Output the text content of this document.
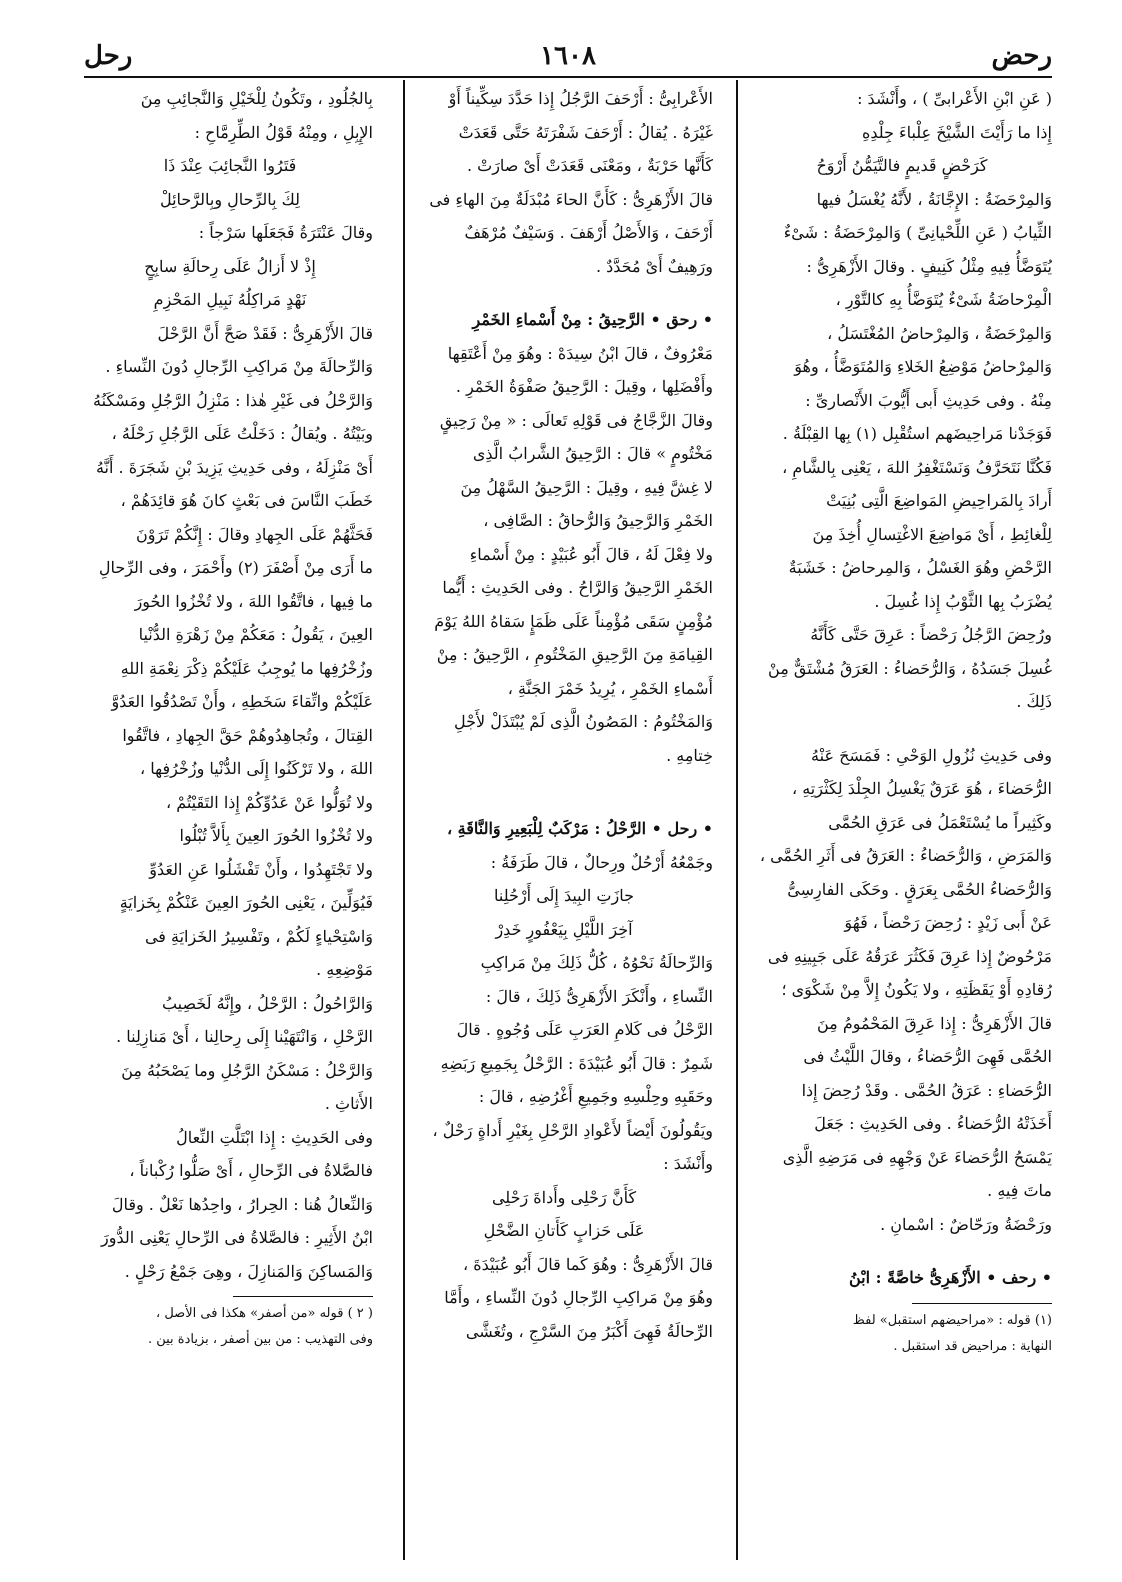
رحض
١٦٠٨
رحل

( عَنِ ابْنِ الأَعْرابىِّ ) ، وأَنْشَدَ :

إِذا ما رَأَيْتَ الشَّيْخَ عِلْباءَ جِلْدِهِ

كَرَحْضٍ قَديمٍ فالتَّيَمُّنُ أَرْوَحُ

وَالمِرْحَضَةُ : الإِجَّانَةُ ، لأَنَّهُ يُغْسَلُ فيها

الثِّيابُ ( عَنِ اللِّحْيانِىِّ ) وَالمِرْحَضَةُ : شَىْءٌ

يُتَوَضَّأُ فِيهِ مِثْلُ كَنِيفٍ . وقالَ الأَزْهَرِىُّ :

الْمِرْحاضَةُ شَىْءٌ يُتَوَضَّأُ بِهِ كالتَّوْرِ ،

وَالمِرْحَضَةُ ، وَالمِرْحاضُ المُغْتَسَلُ ،

وَالمِرْحاضُ مَوْضِعُ الخَلاءِ وَالمُتَوَضَّأُ ، وهُوَ

مِنْهُ . وفى حَدِيثِ أَبى أَيُّوبَ الأَنْصارىِّ :

فَوَجَدْنا مَراحِيضَهم استُقْبِل (١) بِها القِبْلَةُ .

فَكُنَّا نَتَحَرَّفُ وَنَسْتَغْفِرُ اللهَ ، يَعْنِى بِالشَّامِ ،

أَرادَ بِالمَراحِيضِ المَواضِعَ الَّتِى بُنِيَتْ

لِلْغائِطِ ، أَىْ مَواضِعَ الاغْتِسالِ أُخِذَ مِنَ

الرَّحْضِ وهُوَ الغَسْلُ ، وَالمِرحاضُ : خَشَبَةٌ

يُضْرَبُ بِها الثَّوْبُ إِذا غُسِلَ .

ورُحِضَ الرَّجُلُ رَحْضاً : عَرِقَ حَتَّى كَأَنَّهُ

غُسِلَ جَسَدُهُ ، وَالرُّحَضاءُ : العَرَقُ مُشْتَقٌّ مِنْ

ذَلِكَ .

وفى حَدِيثِ نُزُولِ الوَحْىِ : فَمَسَحَ عَنْهُ

الرُّحَضاءَ ، هُوَ عَرَقٌ يَغْسِلُ الجِلْدَ لِكَثْرَتِهِ ،

وكَثِيراً ما يُسْتَعْمَلُ فى عَرَقِ الحُمَّى

وَالمَرَضِ ، وَالرُّحَضاءُ : العَرَقُ فى أَثَرِ الحُمَّى ،

وَالرُّحَضاءُ الحُمَّى بِعَرَقٍ . وحَكَى الفارِسِىُّ

عَنْ أَبى زَيْدٍ : رُحِضَ رَحْضاً ، فَهُوَ

مَرْحُوضٌ إِذا عَرِقَ فَكَثُرَ عَرَقُهُ عَلَى جَبِينِهِ فى

رُقادِهِ أَوْ يَقَظَتِهِ ، ولا يَكُونُ إِلاَّ مِنْ شَكْوَى ؛

قالَ الأَزْهَرِىُّ : إِذا عَرِقَ المَحْمُومُ مِنَ

الحُمَّى فَهِىَ الرُّحَضاءُ ، وقالَ اللَّيْثُ فى

الرُّحَضاءِ : عَرَقُ الحُمَّى . وقَدْ رُحِضَ إِذا

أَخَذَتْهُ الرُّحَضاءُ . وفى الحَدِيثِ : جَعَلَ

يَمْسَحُ الرُّحَضاءَ عَنْ وَجْهِهِ فى مَرَضِهِ الَّذِى

ماتَ فِيهِ .

ورَحْضَةُ ورَحّاضٌ : اسْمانِ .

• رحف • الأَزْهَرِىُّ خاصَّةً : ابْنُ

(١) قوله : «مراحيضهم استقبل» لفظ

النهاية : مراحيض قد استقبل .

الأَعْرابِىُّ : أَرْحَفَ الرَّجُلُ إِذا حَدَّدَ سِكِّيناً أَوْ

غَيْرَهُ . يُقالُ : أَرْحَفَ شَفْرَتَهُ حَتَّى قَعَدَتْ

كَأَنَّها حَرْبَةٌ ، ومَعْنَى قَعَدَتْ أَىْ صارَتْ .

قالَ الأَزْهَرِىُّ : كَأَنَّ الحاءَ مُبْدَلَةٌ مِنَ الهاءِ فى

أَرْحَفَ ، وَالأَصْلُ أَرْهَفَ . وَسَيْفٌ مُرْهَفٌ

ورَهِيفٌ أَىْ مُحَدَّدٌ .

• رحق • الرَّحِيقُ : مِنْ أَسْماءِ الخَمْرِ

مَعْرُوفٌ ، قالَ ابْنُ سِيدَهْ : وهُوَ مِنْ أَعْتَقِها

وأَفْضَلِها ، وقِيلَ : الرَّحِيقُ صَفْوَةُ الخَمْرِ .

وقالَ الزَّجَّاجُ فى قَوْلِهِ تَعالَى : « مِنْ رَحِيقٍ

مَخْتُومٍ » قالَ : الرَّحِيقُ الشَّرابُ الَّذِى

لا غِشَّ فِيهِ ، وقِيلَ : الرَّحِيقُ السَّهْلُ مِنَ

الخَمْرِ وَالرَّحِيقُ وَالرُّحاقُ : الصَّافِى ،

ولا فِعْلَ لَهُ ، قالَ أَبُو عُبَيْدٍ : مِنْ أَسْماءِ

الخَمْرِ الرَّحِيقُ وَالرَّاحُ . وفى الحَدِيثِ : أَيُّما

مُؤْمِنٍ سَقَى مُؤْمِناً عَلَى ظَمَإٍ سَقاهُ اللهُ يَوْمَ

القِيامَةِ مِنَ الرَّحِيقِ المَخْتُومِ ، الرَّحِيقُ : مِنْ

أَسْماءِ الخَمْرِ ، يُرِيدُ خَمْرَ الجَنَّةِ ،

وَالمَخْتُومُ : المَصُونُ الَّذِى لَمْ يُبْتَذَلْ لأَجْلِ

خِتامِهِ .

• رحل • الرَّحْلُ : مَرْكَبٌ لِلْبَعِيرِ وَالنَّاقَةِ ،

وجَمْعُهُ أَرْحُلٌ ورِحالٌ ، قالَ طَرَفَةُ :

جازَتِ البِيدَ إِلَى أَرْحُلِنا

آخِرَ اللَّيْلِ بِيَعْفُورٍ خَدِرْ

وَالرِّحالَةُ نَحْوُهُ ، كُلُّ ذَلِكَ مِنْ مَراكِبِ

النِّساءِ ، وأَنْكَرَ الأَزْهَرِىُّ ذَلِكَ ، قالَ :

الرَّحْلُ فى كَلامِ العَرَبِ عَلَى وُجُوهٍ . قالَ

شَمِرٌ : قالَ أَبُو عُبَيْدَةَ : الرَّحْلُ بِجَمِيعِ رَبَضِهِ

وحَقَبِهِ وحِلْسِهِ وجَمِيعِ أَغْرُضِهِ ، قالَ :

ويَقُولُونَ أَيْضاً لأَعْوادِ الرَّحْلِ بِغَيْرِ أَداةٍ رَحْلٌ ،

وأَنْشَدَ :

كَأَنَّ رَحْلِى وأَداةَ رَحْلِى

عَلَى حَزابٍ كَأَتانِ الضَّحْلِ

قالَ الأَزْهَرِىُّ : وهُوَ كَما قالَ أَبُو عُبَيْدَةَ ،

وهُوَ مِنْ مَراكِبِ الرِّجالِ دُونَ النِّساءِ ، وأَمَّا

الرِّحالَةُ فَهِىَ أَكْبَرُ مِنَ السَّرْجِ ، وتُغَشَّى

بِالجُلُودِ ، وتَكُونُ لِلْخَيْلِ وَالنَّجائِبِ مِنَ

الإِبِلِ ، ومِنْهُ قَوْلُ الطِّرِمَّاحِ :

فَتَرُوا النَّجائِبَ عِنْدَ ذَا

لِكَ بِالرِّحالِ وبِالرَّحائِلْ

وقالَ عَنْتَرَةُ فَجَعَلَها سَرْجاً :

إِذْ لا أَزالُ عَلَى رِحالَةِ سابِحٍ

نَهْدٍ مَراكِلُهُ نَبِيلِ المَحْزِمِ

قالَ الأَزْهَرِىُّ : فَقَدْ صَحَّ أَنَّ الرَّحْلَ

وَالرِّحالَةَ مِنْ مَراكِبِ الرِّجالِ دُونَ النِّساءِ .

وَالرَّحْلُ فى غَيْرِ هٰذا : مَنْزِلُ الرَّجُلِ ومَسْكَنُهُ

وبَيْتُهُ . ويُقالُ : دَخَلْتُ عَلَى الرَّجُلِ رَحْلَهُ ،

أَىْ مَنْزِلَهُ ، وفى حَدِيثِ يَزِيدَ بْنِ شَجَرَةَ . أَنَّهُ

خَطَبَ النَّاسَ فى بَعْثٍ كانَ هُوَ قائِدَهُمْ ،

فَحَثَّهُمْ عَلَى الجِهادِ وقالَ : إِنَّكُمْ تَرَوْنَ

ما أَرَى مِنْ أَصْفَرَ (٢) وأَحْمَرَ ، وفى الرِّحالِ

ما فِيها ، فاتَّقُوا اللهَ ، ولا تُخْزُوا الحُورَ

العِينَ ، يَقُولُ : مَعَكُمْ مِنْ زَهْرَةِ الدُّنْيا

وزُخْرُفِها ما يُوجِبُ عَلَيْكُمْ ذِكْرَ نِعْمَةِ اللهِ

عَلَيْكُمْ واتِّقاءَ سَخَطِهِ ، وأَنْ تَصْدُقُوا العَدُوَّ

القِتالَ ، وتُجاهِدُوهُمْ حَقَّ الجِهادِ ، فاتَّقُوا

اللهَ ، ولا تَرْكَنُوا إِلَى الدُّنْيا وزُخْرُفِها ،

ولا تُوَلُّوا عَنْ عَدُوِّكُمْ إِذا التَقَيْتُمْ ،

ولا تُخْزُوا الحُورَ العِينَ بِأَلاَّ تُبْلُوا

ولا تَجْتَهِدُوا ، وأَنْ تَفْشَلُوا عَنِ العَدُوِّ

فَيُوَلِّينَ ، يَعْنِى الحُورَ العِينَ عَنْكُمْ بِخَزايَةٍ

وَاسْتِحْياءٍ لَكُمْ ، وتَفْسِيرُ الخَزايَةِ فى

مَوْضِعِهِ .

وَالرَّاحُولُ : الرَّحْلُ ، وإِنَّهُ لَخَصِيبُ

الرَّحْلِ ، وَانْتَهَيْنا إِلَى رِحالِنا ، أَىْ مَنازِلِنا .

وَالرَّحْلُ : مَسْكَنُ الرَّجُلِ وما يَصْحَبُهُ مِنَ

الأَثاثِ .

وفى الحَدِيثِ : إِذا ابْتَلَّتِ النِّعالُ

فالصَّلاةُ فى الرِّحالِ ، أَىْ صَلُّوا رُكْباناً ،

وَالنِّعالُ هُنا : الحِرارُ ، واحِدُها نَعْلٌ . وقالَ

ابْنُ الأَثِيرِ : فالصَّلاةُ فى الرِّحالِ يَعْنِى الدُّورَ

وَالمَساكِنَ وَالمَنازِلَ ، وهِىَ جَمْعُ رَحْلٍ .

( ٢ ) قوله «من أصفر» هكذا فى الأصل ،

وفى التهذيب : من بين أصفر ، بزيادة بين .
